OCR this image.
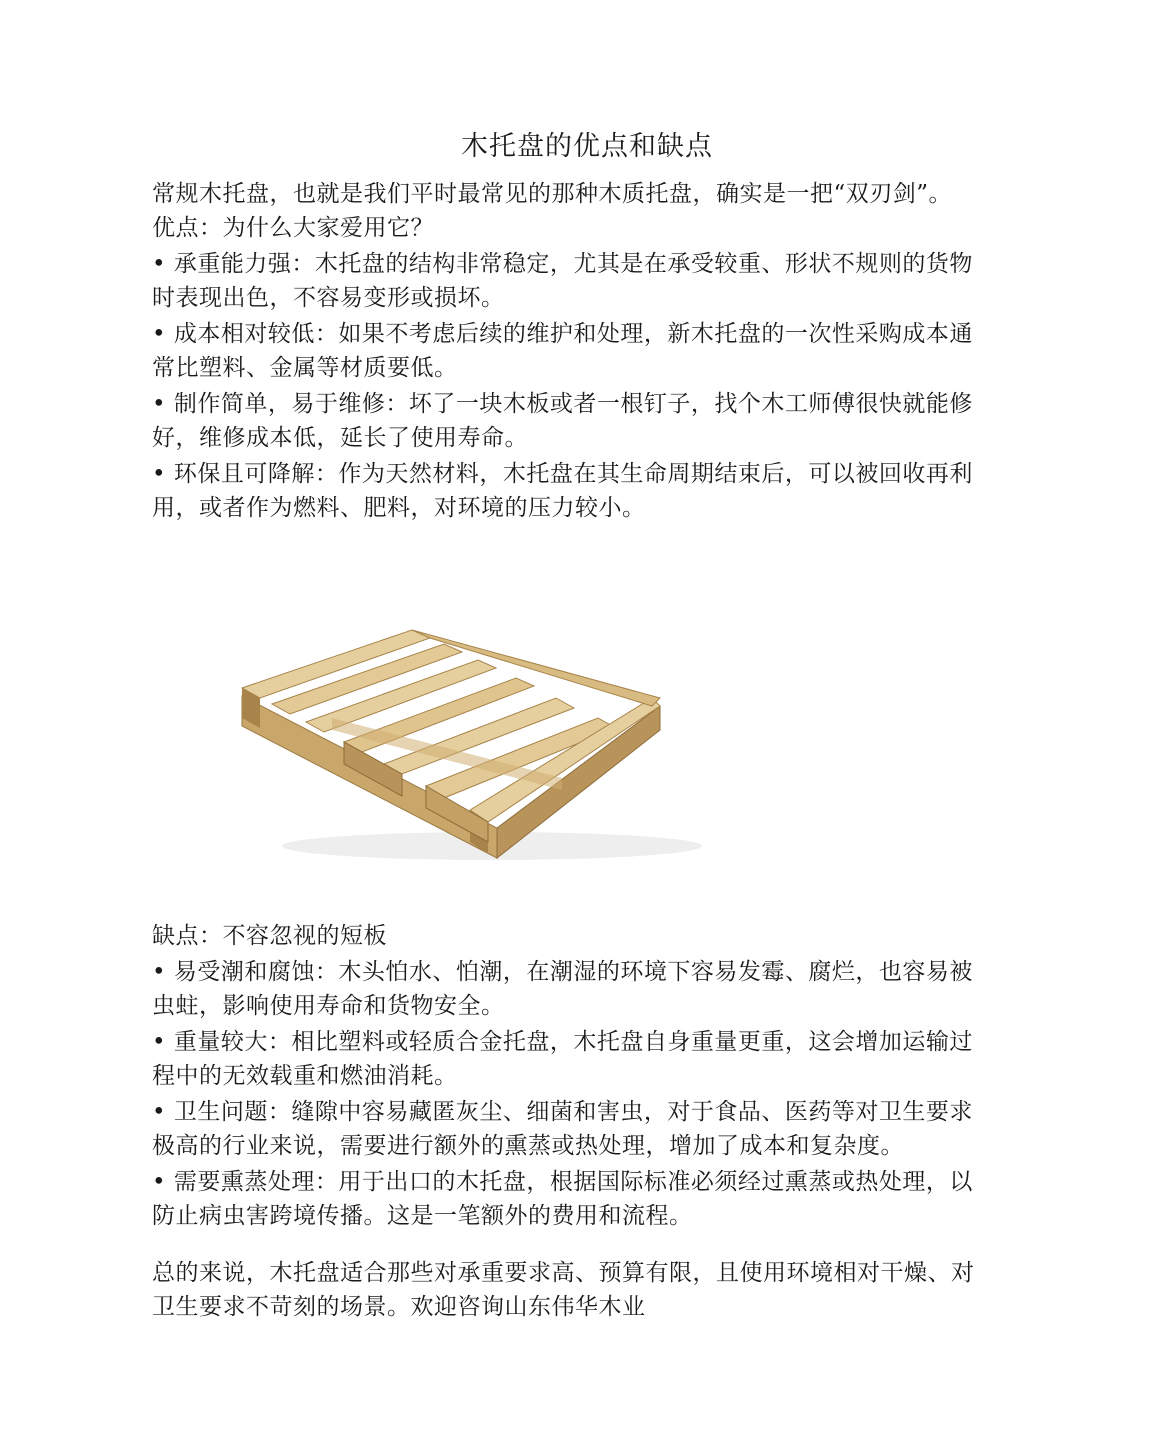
木托盘的优点和缺点
常规木托盘，也就是我们平时最常见的那种木质托盘，确实是一把“双刃剑”。
优点：为什么大家爱用它？
• 承重能力强：木托盘的结构非常稳定，尤其是在承受较重、形状不规则的货物
时表现出色，不容易变形或损坏。
• 成本相对较低：如果不考虑后续的维护和处理，新木托盘的一次性采购成本通
常比塑料、金属等材质要低。
• 制作简单，易于维修：坏了一块木板或者一根钉子，找个木工师傅很快就能修
好，维修成本低，延长了使用寿命。
• 环保且可降解：作为天然材料，木托盘在其生命周期结束后，可以被回收再利
用，或者作为燃料、肥料，对环境的压力较小。
缺点：不容忽视的短板
• 易受潮和腐蚀：木头怕水、怕潮，在潮湿的环境下容易发霉、腐烂，也容易被
虫蛀，影响使用寿命和货物安全。
• 重量较大：相比塑料或轻质合金托盘，木托盘自身重量更重，这会增加运输过
程中的无效载重和燃油消耗。
• 卫生问题：缝隙中容易藏匿灰尘、细菌和害虫，对于食品、医药等对卫生要求
极高的行业来说，需要进行额外的熏蒸或热处理，增加了成本和复杂度。
• 需要熏蒸处理：用于出口的木托盘，根据国际标准必须经过熏蒸或热处理，以
防止病虫害跨境传播。这是一笔额外的费用和流程。
总的来说，木托盘适合那些对承重要求高、预算有限，且使用环境相对干燥、对
卫生要求不苛刻的场景。欢迎咨询山东伟华木业
